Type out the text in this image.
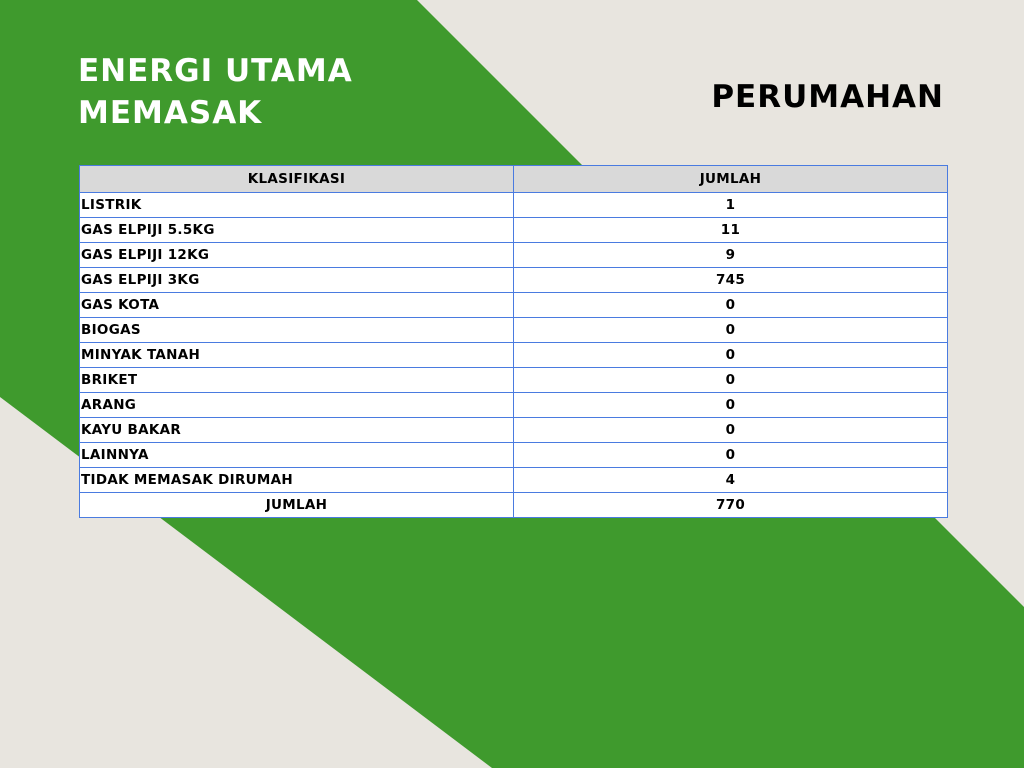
ENERGI UTAMA
MEMASAK	PERUMAHAN
KLASIFIKASI	JUMLAH
LISTRIK	1
GAS ELPIJI 5.5KG	11
GAS ELPIJI 12KG	9
GAS ELPIJI 3KG	745
GAS KOTA	0
BIOGAS	0
MINYAK TANAH	0
BRIKET	0
ARANG	0
KAYU BAKAR	0
LAINNYA	0
TIDAK MEMASAK DIRUMAH	4
JUMLAH	770
